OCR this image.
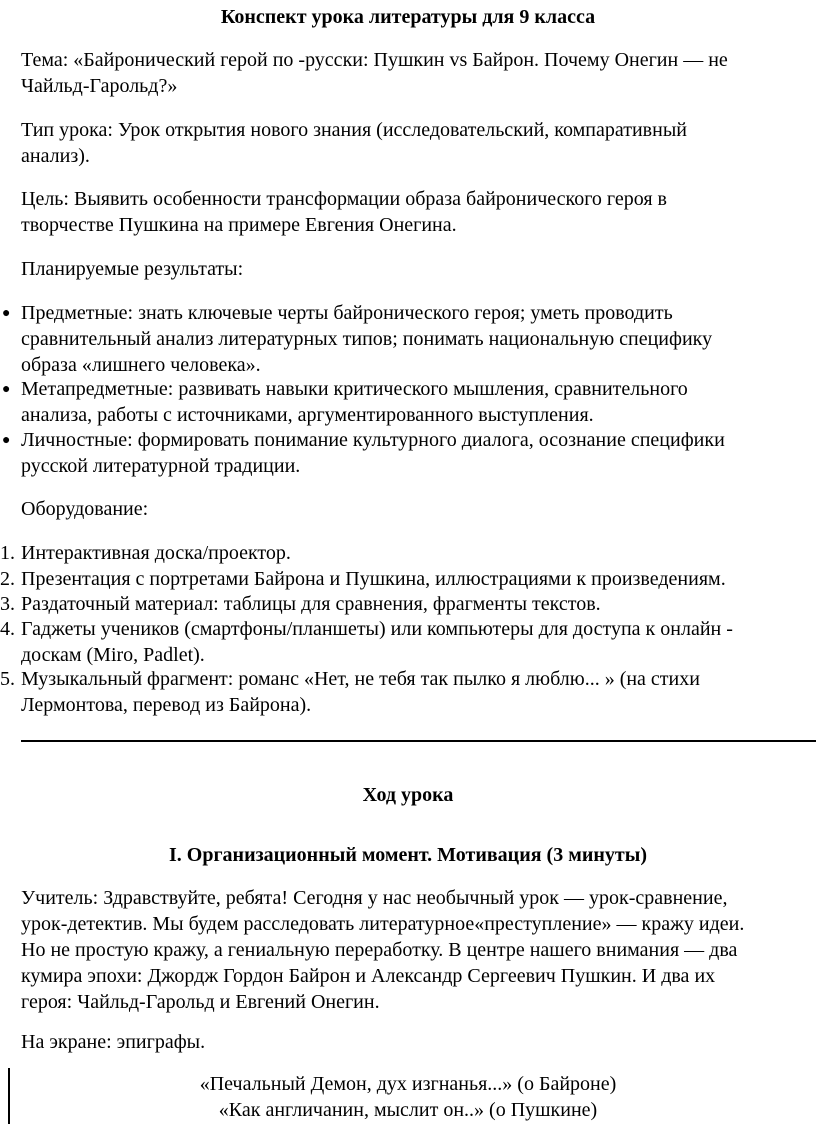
Конспект урока литературы для 9 класса
Тема: «Байронический герой по -русски: Пушкин vs Байрон. Почему Онегин — не
Чайльд-Гарольд?»
Тип урока: Урок открытия нового знания (исследовательский, компаративный
анализ).
Цель: Выявить особенности трансформации образа байронического героя в
творчестве Пушкина на примере Евгения Онегина.
Планируемые результаты:
● Предметные: знать ключевые черты байронического героя; уметь проводить
сравнительный анализ литературных типов; понимать национальную специфику
образа «лишнего человека».
● Метапредметные: развивать навыки критического мышления, сравнительного
анализа, работы с источниками, аргументированного выступления.
● Личностные: формировать понимание культурного диалога, осознание специфики
русской литературной традиции.
Оборудование:
1. Интерактивная доска/проектор.
2. Презентация с портретами Байрона и Пушкина, иллюстрациями к произведениям.
3. Раздаточный материал: таблицы для сравнения, фрагменты текстов.
4. Гаджеты учеников (смартфоны/планшеты) или компьютеры для доступа к онлайн -
доскам (Miro, Padlet).
5. Музыкальный фрагмент: романс «Нет, не тебя так пылко я люблю... » (на стихи
Лермонтова, перевод из Байрона).
Ход урока
I. Организационный момент. Мотивация (3 минуты)
Учитель: Здравствуйте, ребята! Сегодня у нас необычный урок — урок-сравнение,
урок-детектив. Мы будем расследовать литературное«преступление» — кражу идеи.
Но не простую кражу, а гениальную переработку. В центре нашего внимания — два
кумира эпохи: Джордж Гордон Байрон и Александр Сергеевич Пушкин. И два их
героя: Чайльд-Гарольд и Евгений Онегин.
На экране: эпиграфы.
«Печальный Демон, дух изгнанья...» (о Байроне)
«Как англичанин, мыслит он..» (о Пушкине)
